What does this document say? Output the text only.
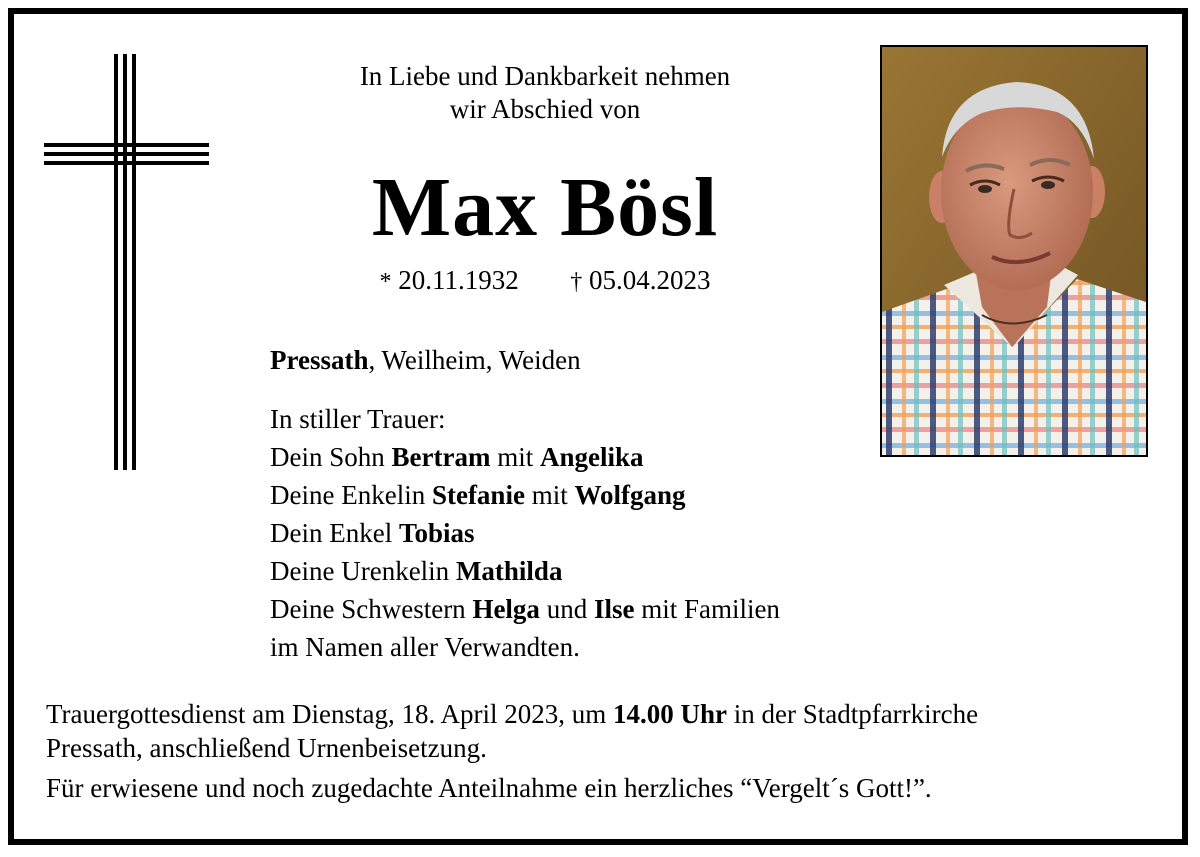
In Liebe und Dankbarkeit nehmen
wir Abschied von
Max Bösl
* 20.11.1932 † 05.04.2023
Pressath, Weilheim, Weiden
In stiller Trauer:
Dein Sohn Bertram mit Angelika
Deine Enkelin Stefanie mit Wolfgang
Dein Enkel Tobias
Deine Urenkelin Mathilda
Deine Schwestern Helga und Ilse mit Familien
im Namen aller Verwandten.

Trauergottesdienst am Dienstag, 18. April 2023, um 14.00 Uhr in der Stadtpfarrkirche
Pressath, anschließend Urnenbeisetzung.

Für erwiesene und noch zugedachte Anteilnahme ein herzliches “Vergelt´s Gott!”.
